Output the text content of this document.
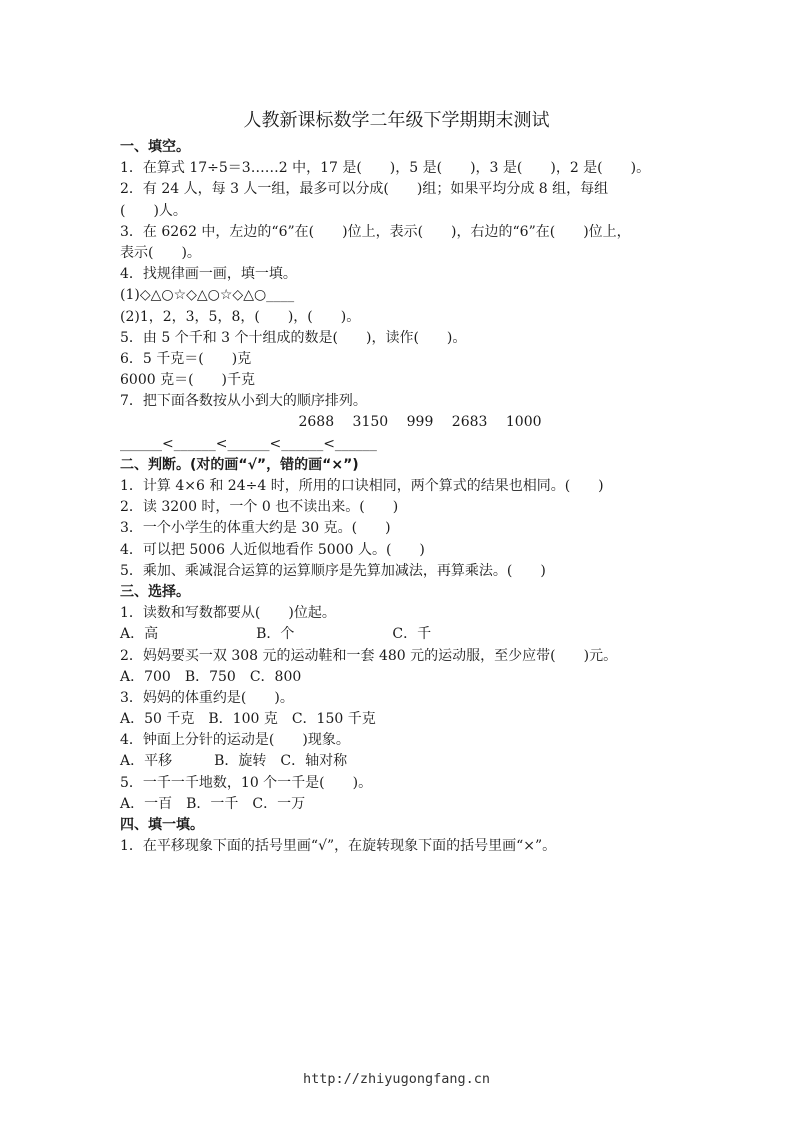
人教新课标数学二年级下学期期末测试
一、填空。
1．在算式 17÷5＝3……2 中，17 是(　　)，5 是(　　)，3 是(　　)，2 是(　　)。
2．有 24 人，每 3 人一组，最多可以分成(　　)组；如果平均分成 8 组，每组
(　　)人。
3．在 6262 中，左边的“6”在(　　)位上，表示(　　)，右边的“6”在(　　)位上，
表示(　　)。
4．找规律画一画，填一填。
(1)◇△○☆◇△○☆◇△○____
(2)1，2，3，5，8，(　　)，(　　)。
5．由 5 个千和 3 个十组成的数是(　　)，读作(　　)。
6．5 千克＝(　　)克
6000 克＝(　　)千克
7．把下面各数按从小到大的顺序排列。
2688　 3150　 999　 2683　 1000
______<______<______<______<______
二、判断。(对的画“√”，错的画“×”)
1．计算 4×6 和 24÷4 时，所用的口诀相同，两个算式的结果也相同。(　　)
2．读 3200 时，一个 0 也不读出来。(　　)
3．一个小学生的体重大约是 30 克。(　　)
4．可以把 5006 人近似地看作 5000 人。(　　)
5．乘加、乘减混合运算的运算顺序是先算加减法，再算乘法。(　　)
三、选择。
1．读数和写数都要从(　　)位起。
A．高　　　　　　　B．个　　　　　　　C．千
2．妈妈要买一双 308 元的运动鞋和一套 480 元的运动服，至少应带(　　)元。
A．700　B．750　C．800
3．妈妈的体重约是(　　)。
A．50 千克　B．100 克　C．150 千克
4．钟面上分针的运动是(　　)现象。
A．平移　　　B．旋转　C．轴对称
5．一千一千地数，10 个一千是(　　)。
A．一百　B．一千　C．一万
四、填一填。
1．在平移现象下面的括号里画“√”，在旋转现象下面的括号里画“×”。
http://zhiyugongfang.cn
